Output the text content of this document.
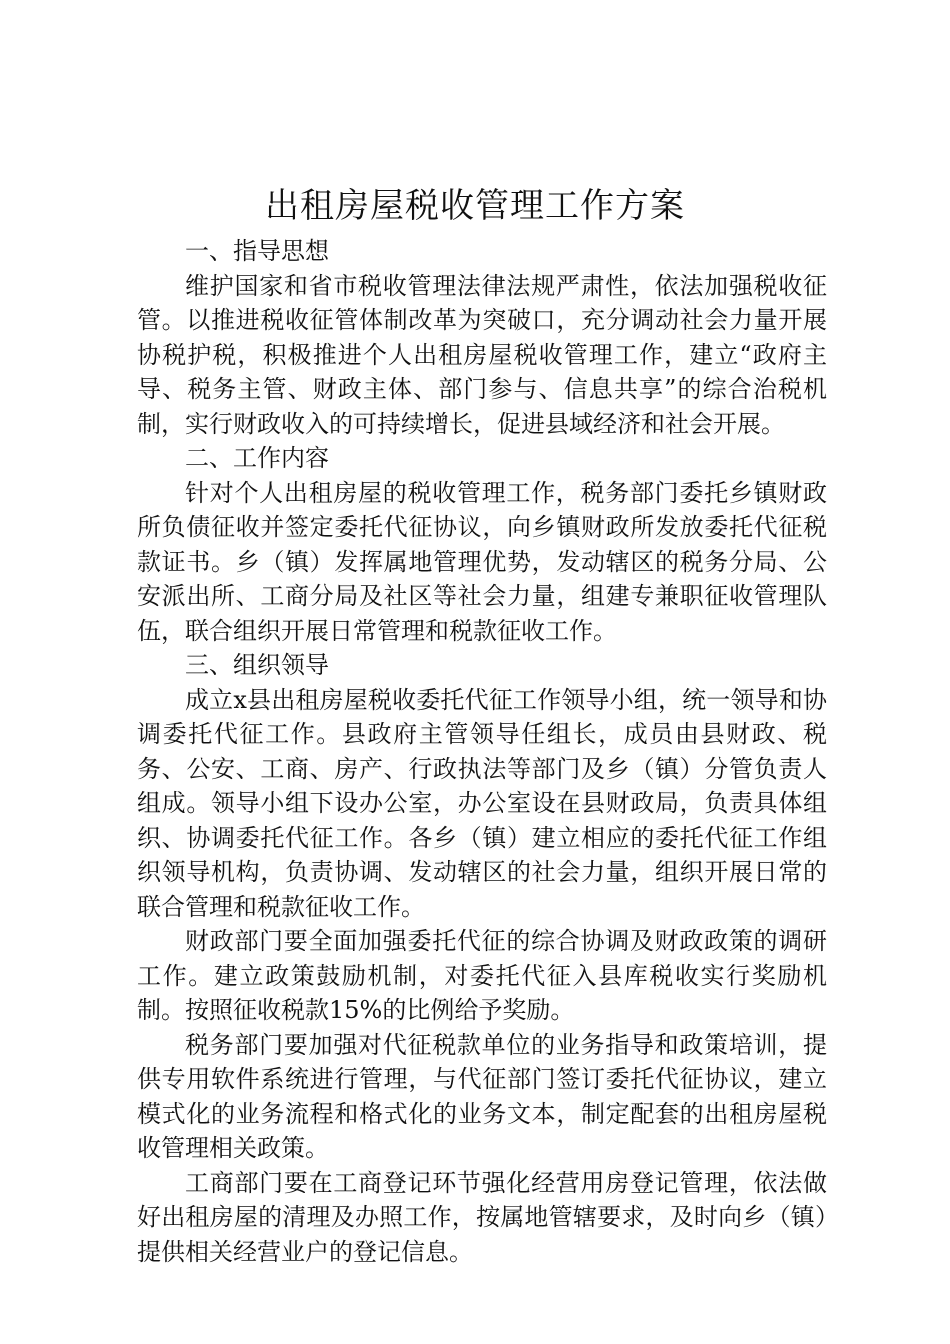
出租房屋税收管理工作方案

一、指导思想

维护国家和省市税收管理法律法规严肃性，依法加强税收征管。以推进税收征管体制改革为突破口，充分调动社会力量开展协税护税，积极推进个人出租房屋税收管理工作，建立“政府主导、税务主管、财政主体、部门参与、信息共享”的综合治税机制，实行财政收入的可持续增长，促进县域经济和社会开展。

二、工作内容

针对个人出租房屋的税收管理工作，税务部门委托乡镇财政所负债征收并签定委托代征协议，向乡镇财政所发放委托代征税款证书。乡（镇）发挥属地管理优势，发动辖区的税务分局、公安派出所、工商分局及社区等社会力量，组建专兼职征收管理队伍，联合组织开展日常管理和税款征收工作。

三、组织领导

成立x县出租房屋税收委托代征工作领导小组，统一领导和协调委托代征工作。县政府主管领导任组长，成员由县财政、税务、公安、工商、房产、行政执法等部门及乡（镇）分管负责人组成。领导小组下设办公室，办公室设在县财政局，负责具体组织、协调委托代征工作。各乡（镇）建立相应的委托代征工作组织领导机构，负责协调、发动辖区的社会力量，组织开展日常的联合管理和税款征收工作。

财政部门要全面加强委托代征的综合协调及财政政策的调研工作。建立政策鼓励机制，对委托代征入县库税收实行奖励机制。按照征收税款15%的比例给予奖励。

税务部门要加强对代征税款单位的业务指导和政策培训，提供专用软件系统进行管理，与代征部门签订委托代征协议，建立模式化的业务流程和格式化的业务文本，制定配套的出租房屋税收管理相关政策。

工商部门要在工商登记环节强化经营用房登记管理，依法做好出租房屋的清理及办照工作，按属地管辖要求，及时向乡（镇）提供相关经营业户的登记信息。
